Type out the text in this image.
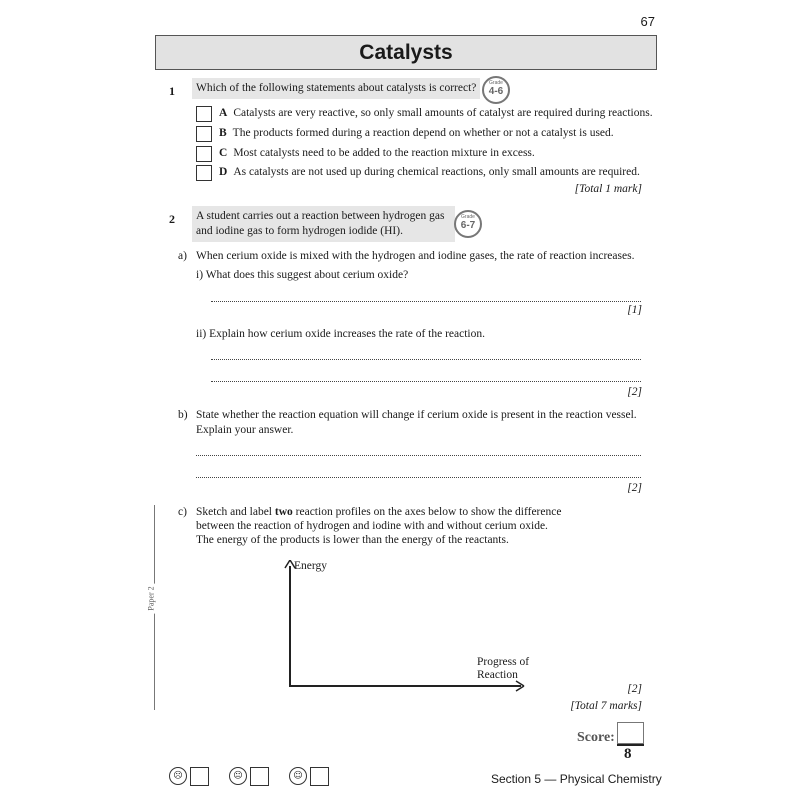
67
Catalysts
1	Which of the following statements about catalysts is correct?	Grade
4-6
A Catalysts are very reactive, so only small amounts of catalyst are required during reactions.
B The products formed during a reaction depend on whether or not a catalyst is used.
C Most catalysts need to be added to the reaction mixture in excess.
D As catalysts are not used up during chemical reactions, only small amounts are required.
[Total 1 mark]
2 A student carries out a reaction between hydrogen gas
and iodine gas to form hydrogen iodide (HI).
Grade
6-7
a) When cerium oxide is mixed with the hydrogen and iodine gases, the rate of reaction increases.
i) What does this suggest about cerium oxide?
[1]
ii) Explain how cerium oxide increases the rate of the reaction.
[2]
b) State whether the reaction equation will change if cerium oxide is present in the reaction vessel.
Explain your answer.
[2]
Paper 2
c) Sketch and label two reaction profiles on the axes below to show the difference
between the reaction of hydrogen and iodine with and without cerium oxide.
The energy of the products is lower than the energy of the reactants.
Energy
Progress of
Reaction
[2]
[Total 7 marks]
Score:
8
☹	😐	☺	Section 5 — Physical Chemistry
